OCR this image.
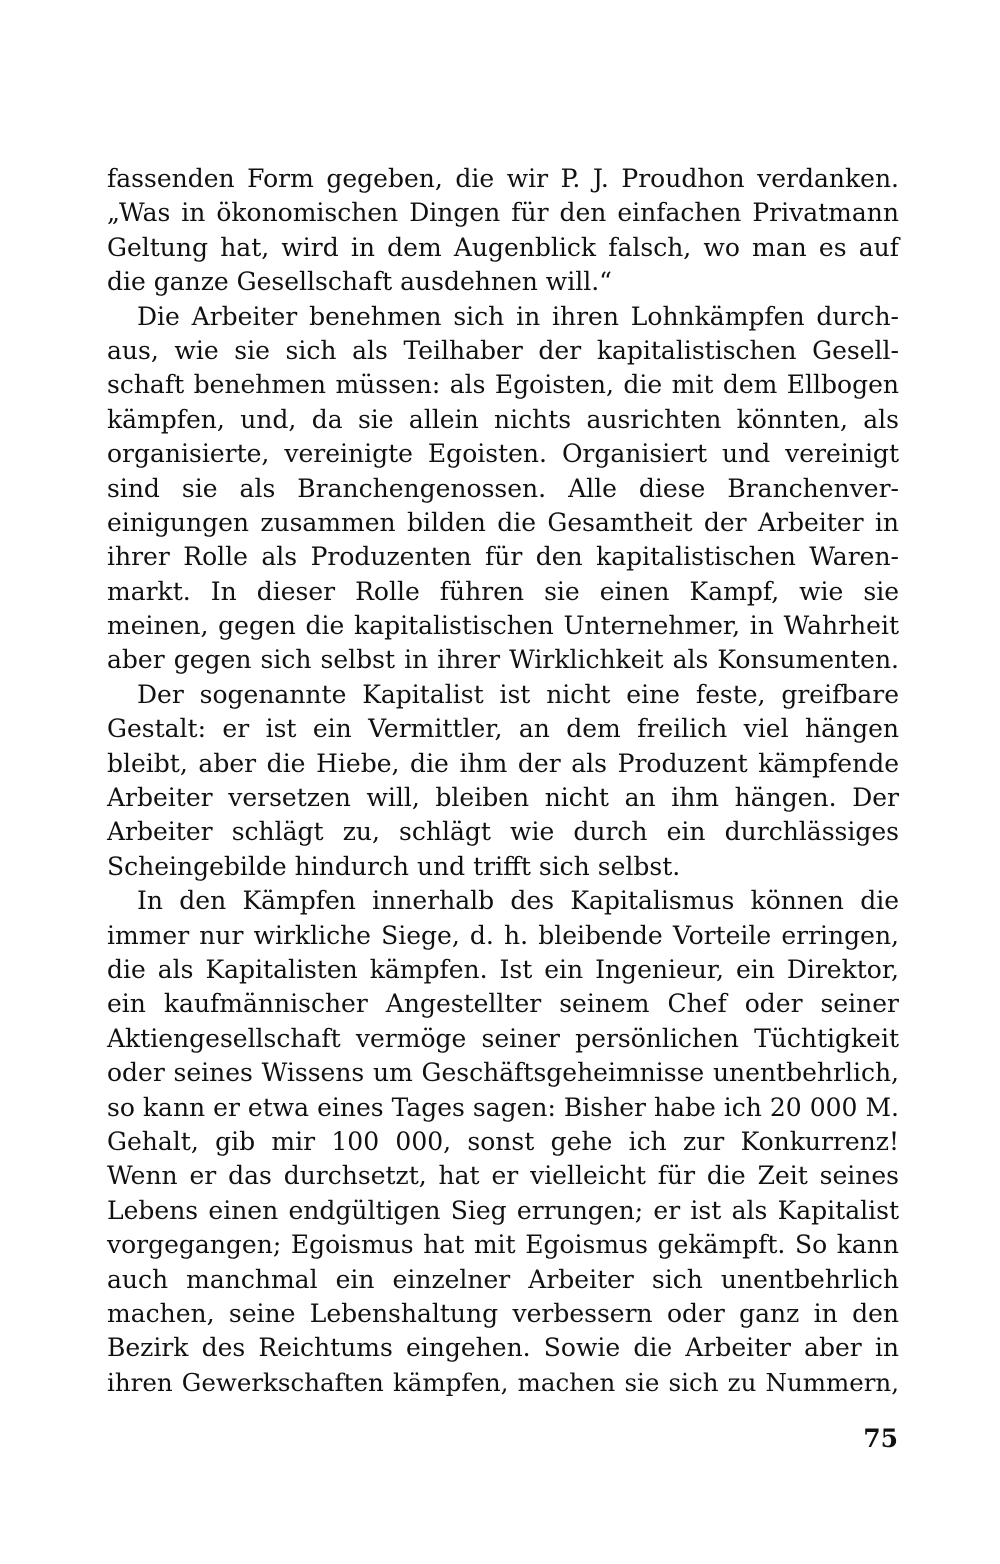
fassenden Form gegeben, die wir P. J. Proudhon verdanken.
„Was in ökonomischen Dingen für den einfachen Privatmann
Geltung hat, wird in dem Augenblick falsch, wo man es auf
die ganze Gesellschaft ausdehnen will.“
Die Arbeiter benehmen sich in ihren Lohnkämpfen durch-
aus, wie sie sich als Teilhaber der kapitalistischen Gesell-
schaft benehmen müssen: als Egoisten, die mit dem Ellbogen
kämpfen, und, da sie allein nichts ausrichten könnten, als
organisierte, vereinigte Egoisten. Organisiert und vereinigt
sind sie als Branchengenossen. Alle diese Branchenver-
einigungen zusammen bilden die Gesamtheit der Arbeiter in
ihrer Rolle als Produzenten für den kapitalistischen Waren-
markt. In dieser Rolle führen sie einen Kampf, wie sie
meinen, gegen die kapitalistischen Unternehmer, in Wahrheit
aber gegen sich selbst in ihrer Wirklichkeit als Konsumenten.
Der sogenannte Kapitalist ist nicht eine feste, greifbare
Gestalt: er ist ein Vermittler, an dem freilich viel hängen
bleibt, aber die Hiebe, die ihm der als Produzent kämpfende
Arbeiter versetzen will, bleiben nicht an ihm hängen. Der
Arbeiter schlägt zu, schlägt wie durch ein durchlässiges
Scheingebilde hindurch und trifft sich selbst.
In den Kämpfen innerhalb des Kapitalismus können die
immer nur wirkliche Siege, d. h. bleibende Vorteile erringen,
die als Kapitalisten kämpfen. Ist ein Ingenieur, ein Direktor,
ein kaufmännischer Angestellter seinem Chef oder seiner
Aktiengesellschaft vermöge seiner persönlichen Tüchtigkeit
oder seines Wissens um Geschäftsgeheimnisse unentbehrlich,
so kann er etwa eines Tages sagen: Bisher habe ich 20 000 M.
Gehalt, gib mir 100 000, sonst gehe ich zur Konkurrenz!
Wenn er das durchsetzt, hat er vielleicht für die Zeit seines
Lebens einen endgültigen Sieg errungen; er ist als Kapitalist
vorgegangen; Egoismus hat mit Egoismus gekämpft. So kann
auch manchmal ein einzelner Arbeiter sich unentbehrlich
machen, seine Lebenshaltung verbessern oder ganz in den
Bezirk des Reichtums eingehen. Sowie die Arbeiter aber in
ihren Gewerkschaften kämpfen, machen sie sich zu Nummern,
75
